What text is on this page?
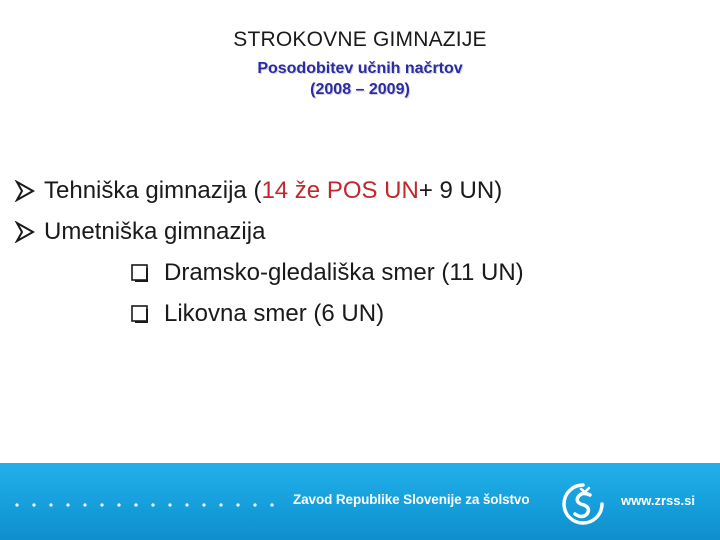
STROKOVNE GIMNAZIJE
Posodobitev učnih načrtov
(2008 – 2009)
Tehniška gimnazija ( 14 že POS UN + 9 UN)
Umetniška gimnazija
Dramsko-gledališka smer (11 UN)
Likovna smer (6 UN)
Zavod Republike Slovenije za šolstvo	www.zrss.si
